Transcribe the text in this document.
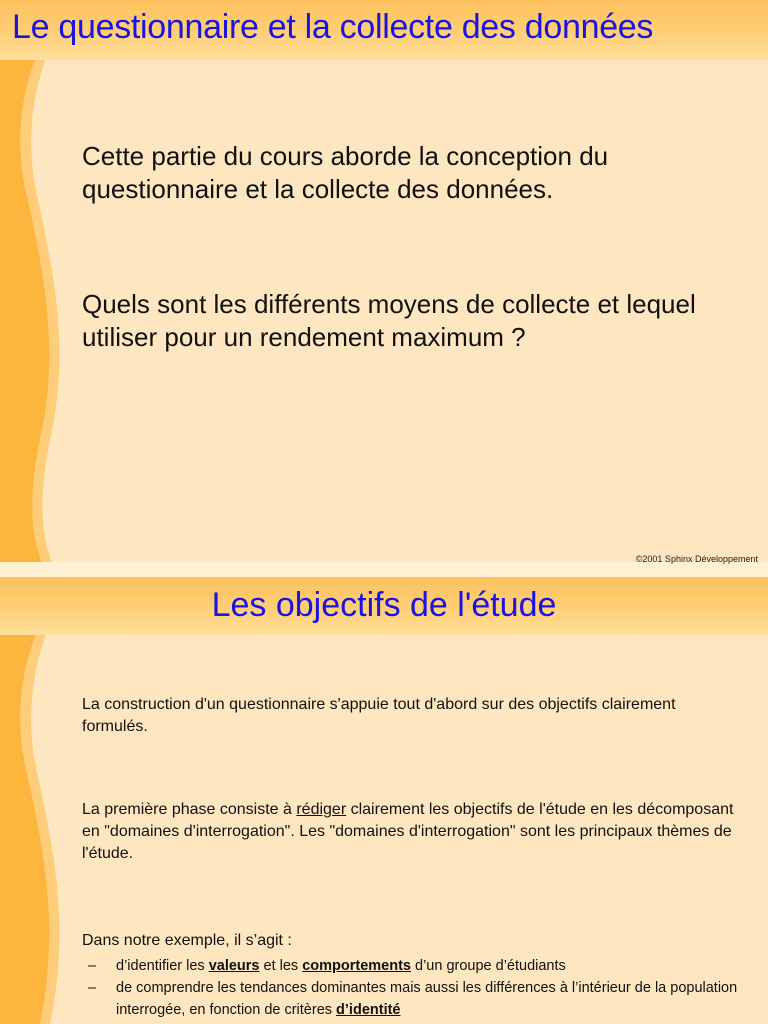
Le questionnaire et la collecte des données

Cette partie du cours aborde la conception du questionnaire et la collecte des données.

Quels sont les différents moyens de collecte et lequel utiliser pour un rendement maximum ?

©2001 Sphinx Développement

Les objectifs de l'étude

La construction d'un questionnaire s'appuie tout d'abord sur des objectifs clairement formulés.

La première phase consiste à rédiger clairement les objectifs de l'étude en les décomposant en "domaines d'interrogation". Les "domaines d'interrogation" sont les principaux thèmes de l'étude.

Dans notre exemple, il s’agit :

– d’identifier les valeurs et les comportements d’un groupe d’étudiants
– de comprendre les tendances dominantes mais aussi les différences à l’intérieur de la population interrogée, en fonction de critères d’identité
